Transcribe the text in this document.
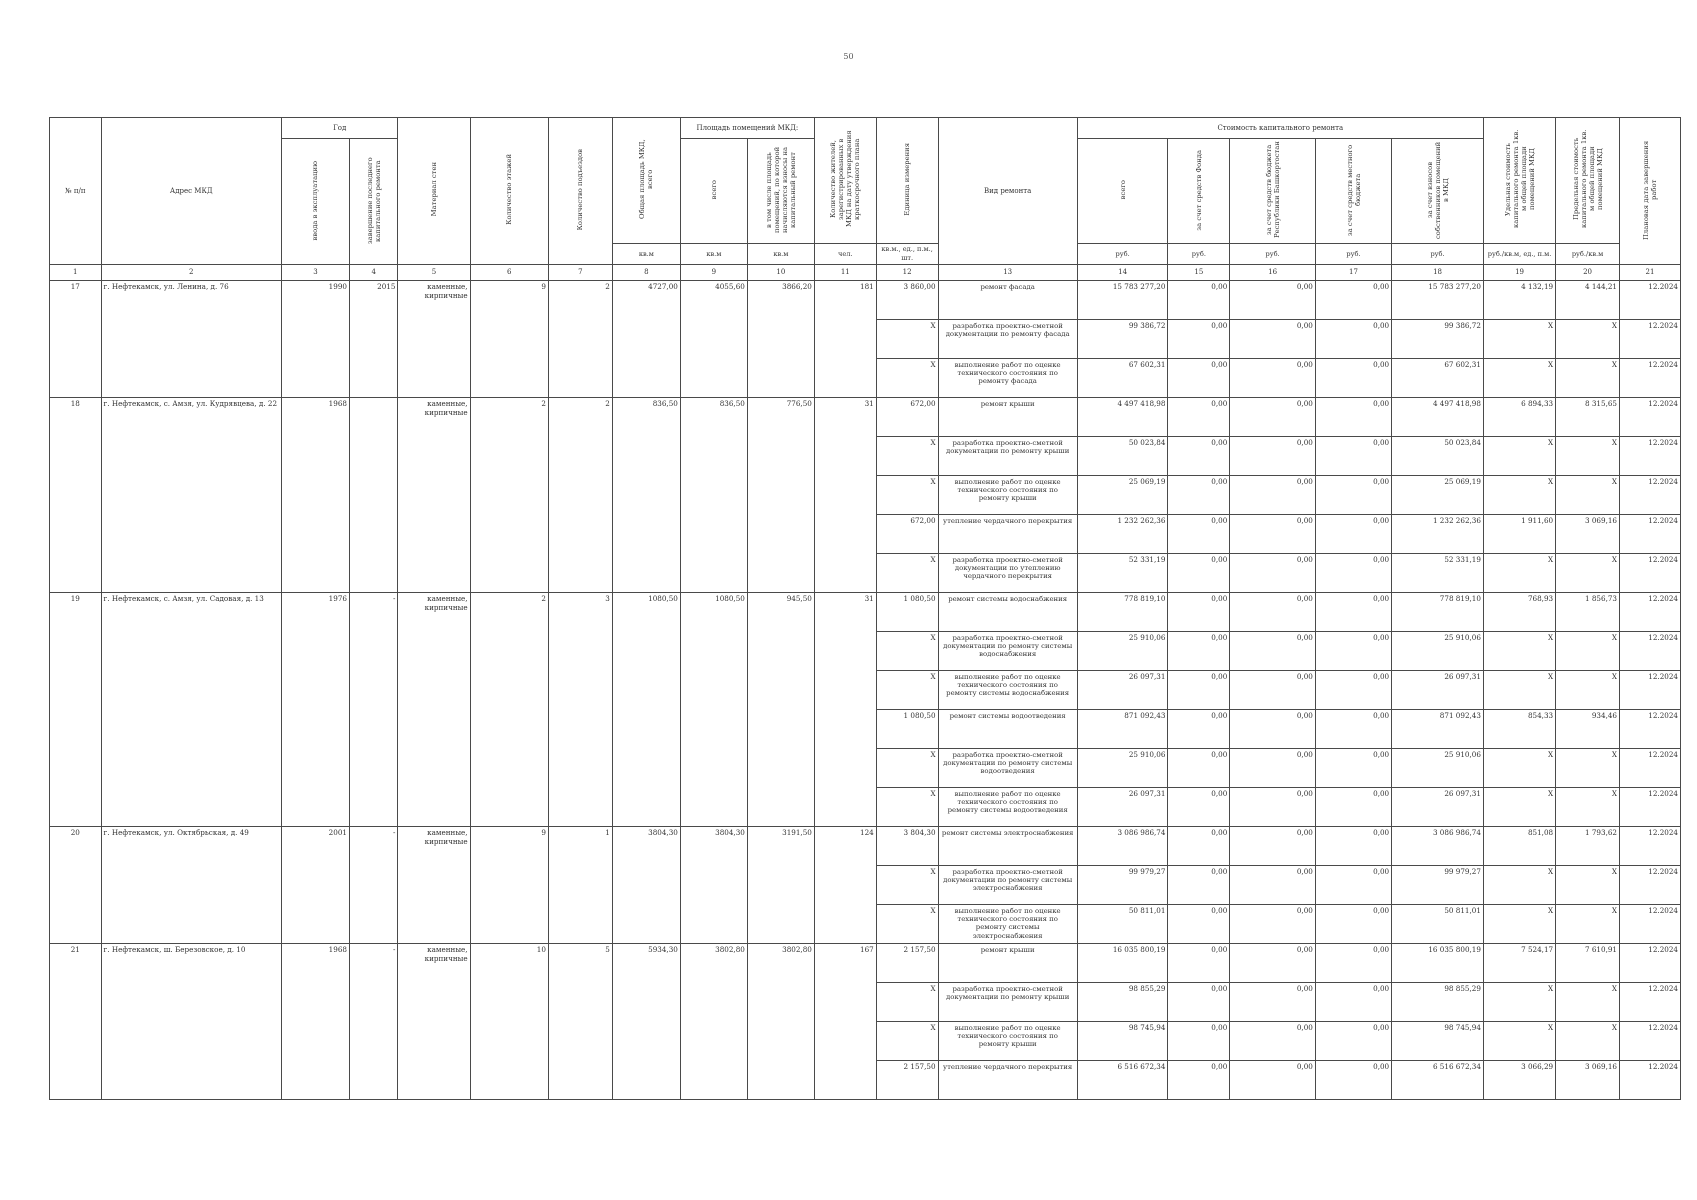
50
№ п/п	Адрес МКД	Год		Материал стен	Количество этажей	Количество подъездов	Общая площадь МКД, всего	Площадь помещений МКД:		Количество жителей, зарегистрированных в МКД на дату утверждения краткосрочного плана	Единица измерения	Вид ремонта	Стоимость капитального ремонта					Удельная стоимость капитального ремонта 1кв. м общей площади помещений МКД	Предельная стоимость капитального ремонта 1кв. м общей площади помещений МКД	Плановая дата завершения работ
		ввода в эксплуатацию	завершение последнего капитального ремонта					всего	в том числе площадь помещений, по которой начисляются взносы на капитальный ремонт				всего	за счет средств Фонда	за счет средств бюджета Республики Башкортостан	за счет средств местного бюджета	за счет взносов собственников помещений в МКД			
							кв.м	кв.м	кв.м	чел.	кв.м., ед., п.м., шт.		руб.	руб.	руб.	руб.	руб.	руб./кв.м, ед., п.м.	руб./кв.м	
1	2	3	4	5	6	7	8	9	10	11	12	13	14	15	16	17	18	19	20	21
17	г. Нефтекамск, ул. Ленина, д. 76	1990	2015	каменные, кирпичные	9	2	4727,00	4055,60	3866,20	181	3 860,00	ремонт фасада	15 783 277,20	0,00	0,00	0,00	15 783 277,20	4 132,19	4 144,21	12.2024
											X	разработка проектно-сметной документации по ремонту фасада	99 386,72	0,00	0,00	0,00	99 386,72	X	X	12.2024
											X	выполнение работ по оценке технического состояния по ремонту фасада	67 602,31	0,00	0,00	0,00	67 602,31	X	X	12.2024
18	г. Нефтекамск, с. Амзя, ул. Кудрявцева, д. 22	1968		каменные, кирпичные	2	2	836,50	836,50	776,50	31	672,00	ремонт крыши	4 497 418,98	0,00	0,00	0,00	4 497 418,98	6 894,33	8 315,65	12.2024
											X	разработка проектно-сметной документации по ремонту крыши	50 023,84	0,00	0,00	0,00	50 023,84	X	X	12.2024
											X	выполнение работ по оценке технического состояния по ремонту крыши	25 069,19	0,00	0,00	0,00	25 069,19	X	X	12.2024
											672,00	утепление чердачного перекрытия	1 232 262,36	0,00	0,00	0,00	1 232 262,36	1 911,60	3 069,16	12.2024
											X	разработка проектно-сметной документации по утеплению чердачного перекрытия	52 331,19	0,00	0,00	0,00	52 331,19	X	X	12.2024
19	г. Нефтекамск, с. Амзя, ул. Садовая, д. 13	1976	-	каменные, кирпичные	2	3	1080,50	1080,50	945,50	31	1 080,50	ремонт системы водоснабжения	778 819,10	0,00	0,00	0,00	778 819,10	768,93	1 856,73	12.2024
											X	разработка проектно-сметной документации по ремонту системы водоснабжения	25 910,06	0,00	0,00	0,00	25 910,06	X	X	12.2024
											X	выполнение работ по оценке технического состояния по ремонту системы водоснабжения	26 097,31	0,00	0,00	0,00	26 097,31	X	X	12.2024
											1 080,50	ремонт системы водоотведения	871 092,43	0,00	0,00	0,00	871 092,43	854,33	934,46	12.2024
											X	разработка проектно-сметной документации по ремонту системы водоотведения	25 910,06	0,00	0,00	0,00	25 910,06	X	X	12.2024
											X	выполнение работ по оценке технического состояния по ремонту системы водоотведения	26 097,31	0,00	0,00	0,00	26 097,31	X	X	12.2024
20	г. Нефтекамск, ул. Октябрьская, д. 49	2001	-	каменные, кирпичные	9	1	3804,30	3804,30	3191,50	124	3 804,30	ремонт системы электроснабжения	3 086 986,74	0,00	0,00	0,00	3 086 986,74	851,08	1 793,62	12.2024
											X	разработка проектно-сметной документации по ремонту системы электроснабжения	99 979,27	0,00	0,00	0,00	99 979,27	X	X	12.2024
											X	выполнение работ по оценке технического состояния по ремонту системы электроснабжения	50 811,01	0,00	0,00	0,00	50 811,01	X	X	12.2024
21	г. Нефтекамск, ш. Березовское, д. 10	1968	-	каменные, кирпичные	10	5	5934,30	3802,80	3802,80	167	2 157,50	ремонт крыши	16 035 800,19	0,00	0,00	0,00	16 035 800,19	7 524,17	7 610,91	12.2024
											X	разработка проектно-сметной документации по ремонту крыши	98 855,29	0,00	0,00	0,00	98 855,29	X	X	12.2024
											X	выполнение работ по оценке технического состояния по ремонту крыши	98 745,94	0,00	0,00	0,00	98 745,94	X	X	12.2024
											2 157,50	утепление чердачного перекрытия	6 516 672,34	0,00	0,00	0,00	6 516 672,34	3 066,29	3 069,16	12.2024
